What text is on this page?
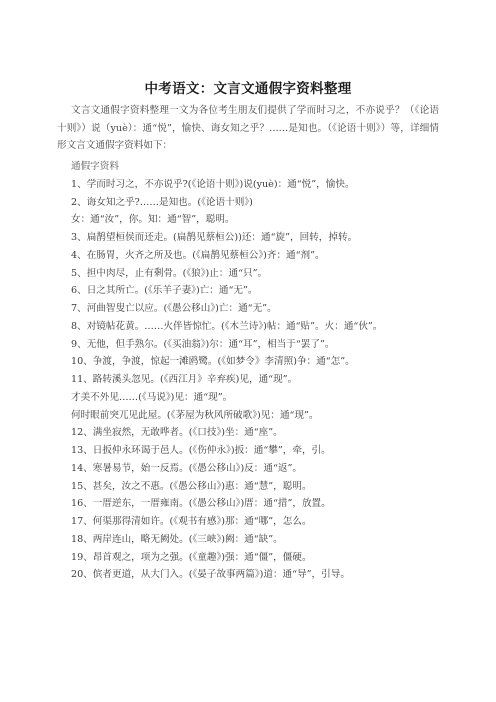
中考语文：文言文通假字资料整理

文言文通假字资料整理一文为各位考生朋友们提供了学而时习之，不亦说乎？（《论语十则》）说（yuè）：通“悦”，愉快、诲女知之乎？……是知也。（《论语十则》）等，详细情形文言文通假字资料如下：

通假字资料
1、学而时习之，不亦说乎?(《论语十则》)说(yuè)：通“悦”，愉快。
2、诲女知之乎?……是知也。(《论语十则》)
女：通“汝”，你。知：通“智”，聪明。
3、扁鹊望桓侯而还走。(扁鹊见蔡桓公))还：通“旋”，回转，掉转。
4、在肠胃，火齐之所及也。(《扁鹊见蔡桓公》)齐：通“剂”。
5、担中肉尽，止有剩骨。(《狼》)止：通“只”。
6、日之其所亡。(《乐羊子妻》)亡：通“无”。
7、河曲智叟亡以应。(《愚公移山》)亡：通“无”。
8、对镜帖花黄。……火伴皆惊忙。(《木兰诗》)帖：通“贴”。火：通“伙”。
9、无他，但手熟尔。(《买油翁》)尔：通“耳”，相当于“罢了”。
10、争渡，争渡，惊起一滩鸥鹭。(《如梦令》李清照)争：通“怎”。
11、路转溪头忽见。(《西江月》辛弃疾)见，通“现”。
才美不外见……(《马说》)见：通“现”。
何时眼前突兀见此屋。(《茅屋为秋风所破歌》)见：通“现”。
12、满坐寂然，无敢哗者。(《口技》)坐：通“座”。
13、日扳仲永环谒于邑人。(《伤仲永》)扳：通“攀”，牵，引。
14、寒暑易节，始一反焉。(《愚公移山》)反：通“返”。
15、甚矣，汝之不惠。(《愚公移山》)惠：通“慧”，聪明。
16、一厝逆东，一厝雍南。(《愚公移山》)厝：通“措”，放置。
17、何渠那得清如许。(《观书有感》)那：通“哪”，怎么。
18、两岸连山，略无阙处。(《三峡》)阙：通“缺”。
19、昂首观之，项为之强。(《童趣》)强：通“僵”，僵硬。
20、傧者更道，从大门入。(《晏子故事两篇》)道：通“导”，引导。
